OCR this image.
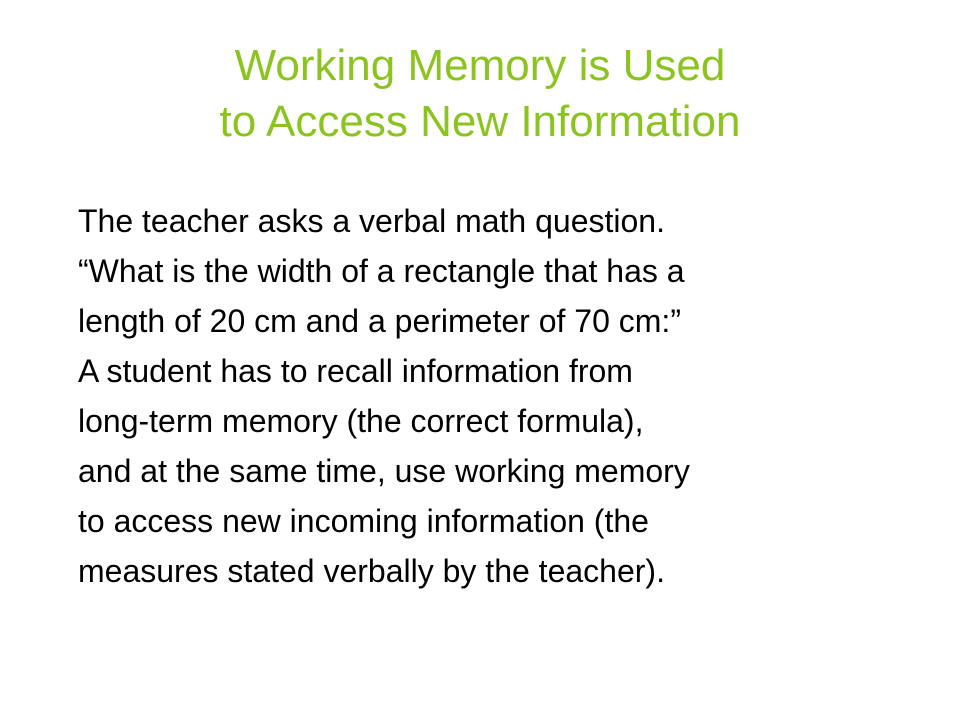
Working Memory is Used
to Access New Information
The teacher asks a verbal math question.
“What is the width of a rectangle that has a
length of 20 cm and a perimeter of 70 cm:”
A student has to recall information from
long-term memory (the correct formula),
and at the same time, use working memory
to access new incoming information (the
measures stated verbally by the teacher).
